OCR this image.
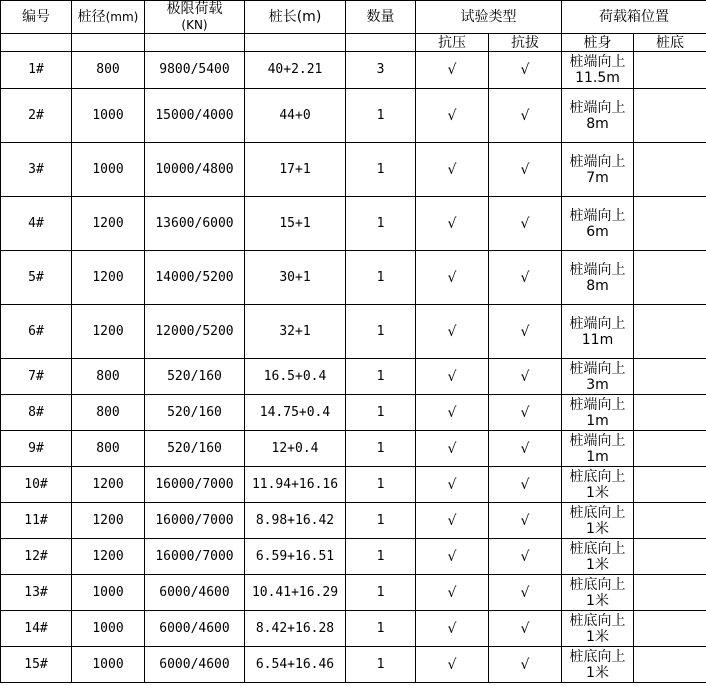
编号	桩径(mm)	极限荷载
(KN)	桩长(m)	数量	试验类型		荷载箱位置	
					抗压	抗拔	桩身	桩底
1#	800	9800/5400	40+2.21	3	√	√	桩端向上
11.5m	

2#	1000	15000/4000	44+0	1	√	√	桩端向上
8m	

3#	1000	10000/4800	17+1	1	√	√	桩端向上
7m	

4#	1200	13600/6000	15+1	1	√	√	桩端向上
6m	

5#	1200	14000/5200	30+1	1	√	√	桩端向上
8m	

6#	1200	12000/5200	32+1	1	√	√	桩端向上
11m	

7#	800	520/160	16.5+0.4	1	√	√	桩端向上
3m	

8#	800	520/160	14.75+0.4	1	√	√	桩端向上
1m	

9#	800	520/160	12+0.4	1	√	√	桩端向上
1m	

10#	1200	16000/7000	11.94+16.16	1	√	√	桩底向上
1米	

11#	1200	16000/7000	8.98+16.42	1	√	√	桩底向上
1米	

12#	1200	16000/7000	6.59+16.51	1	√	√	桩底向上
1米	

13#	1000	6000/4600	10.41+16.29	1	√	√	桩底向上
1米	

14#	1000	6000/4600	8.42+16.28	1	√	√	桩底向上
1米	

15#	1000	6000/4600	6.54+16.46	1	√	√	桩底向上
1米	
